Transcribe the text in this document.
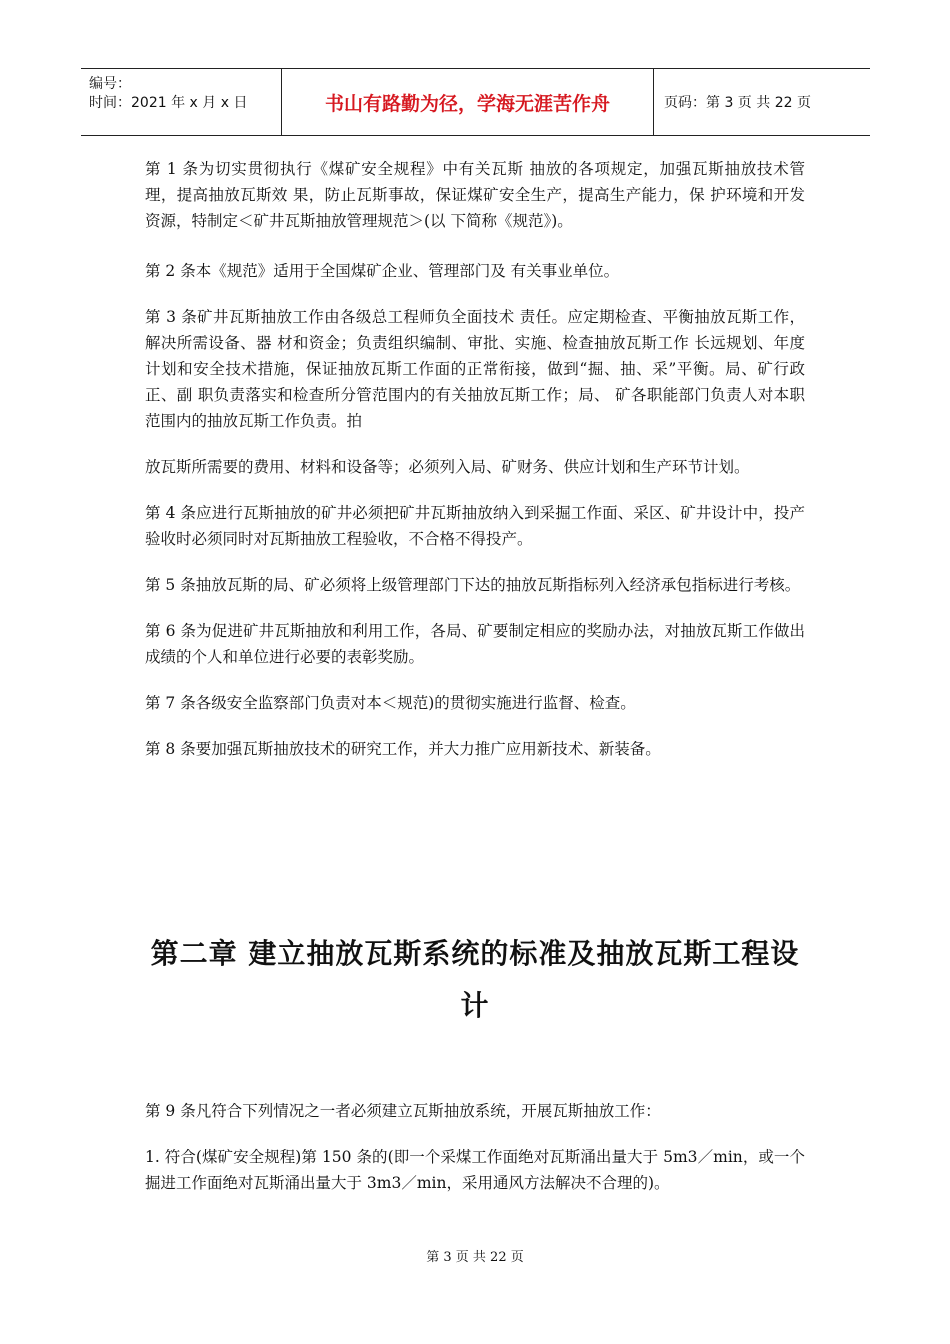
编号：
时间：2021 年 x 月 x 日	书山有路勤为径，学海无涯苦作舟	页码：第 3 页 共 22 页

第 1 条为切实贯彻执行《煤矿安全规程》中有关瓦斯 抽放的各项规定，加强瓦斯抽放技术管理，提高抽放瓦斯效 果，防止瓦斯事故，保证煤矿安全生产，提高生产能力，保 护环境和开发资源，特制定＜矿井瓦斯抽放管理规范＞(以 下简称《规范》)。

第 2 条本《规范》适用于全国煤矿企业、管理部门及 有关事业单位。

第 3 条矿井瓦斯抽放工作由各级总工程师负全面技术 责任。应定期检查、平衡抽放瓦斯工作，解决所需设备、器 材和资金；负责组织编制、审批、实施、检查抽放瓦斯工作 长远规划、年度计划和安全技术措施，保证抽放瓦斯工作面的正常衔接，做到“掘、抽、采”平衡。局、矿行政正、副 职负责落实和检查所分管范围内的有关抽放瓦斯工作；局、 矿各职能部门负责人对本职范围内的抽放瓦斯工作负责。拍

放瓦斯所需要的费用、材料和设备等；必须列入局、矿财务、供应计划和生产环节计划。

第 4 条应进行瓦斯抽放的矿井必须把矿井瓦斯抽放纳入到采掘工作面、采区、矿井设计中，投产验收时必须同时对瓦斯抽放工程验收，不合格不得投产。

第 5 条抽放瓦斯的局、矿必须将上级管理部门下达的抽放瓦斯指标列入经济承包指标进行考核。

第 6 条为促进矿井瓦斯抽放和利用工作，各局、矿要制定相应的奖励办法，对抽放瓦斯工作做出成绩的个人和单位进行必要的表彰奖励。

第 7 条各级安全监察部门负责对本＜规范)的贯彻实施进行监督、检查。

第 8 条要加强瓦斯抽放技术的研究工作，并大力推广应用新技术、新装备。

第二章 建立抽放瓦斯系统的标准及抽放瓦斯工程设
计

第 9 条凡符合下列情况之一者必须建立瓦斯抽放系统，开展瓦斯抽放工作：

1. 符合(煤矿安全规程)第 150 条的(即一个采煤工作面绝对瓦斯涌出量大于 5m3／min，或一个掘进工作面绝对瓦斯涌出量大于 3m3／min，采用通风方法解决不合理的)。

第 3 页 共 22 页
